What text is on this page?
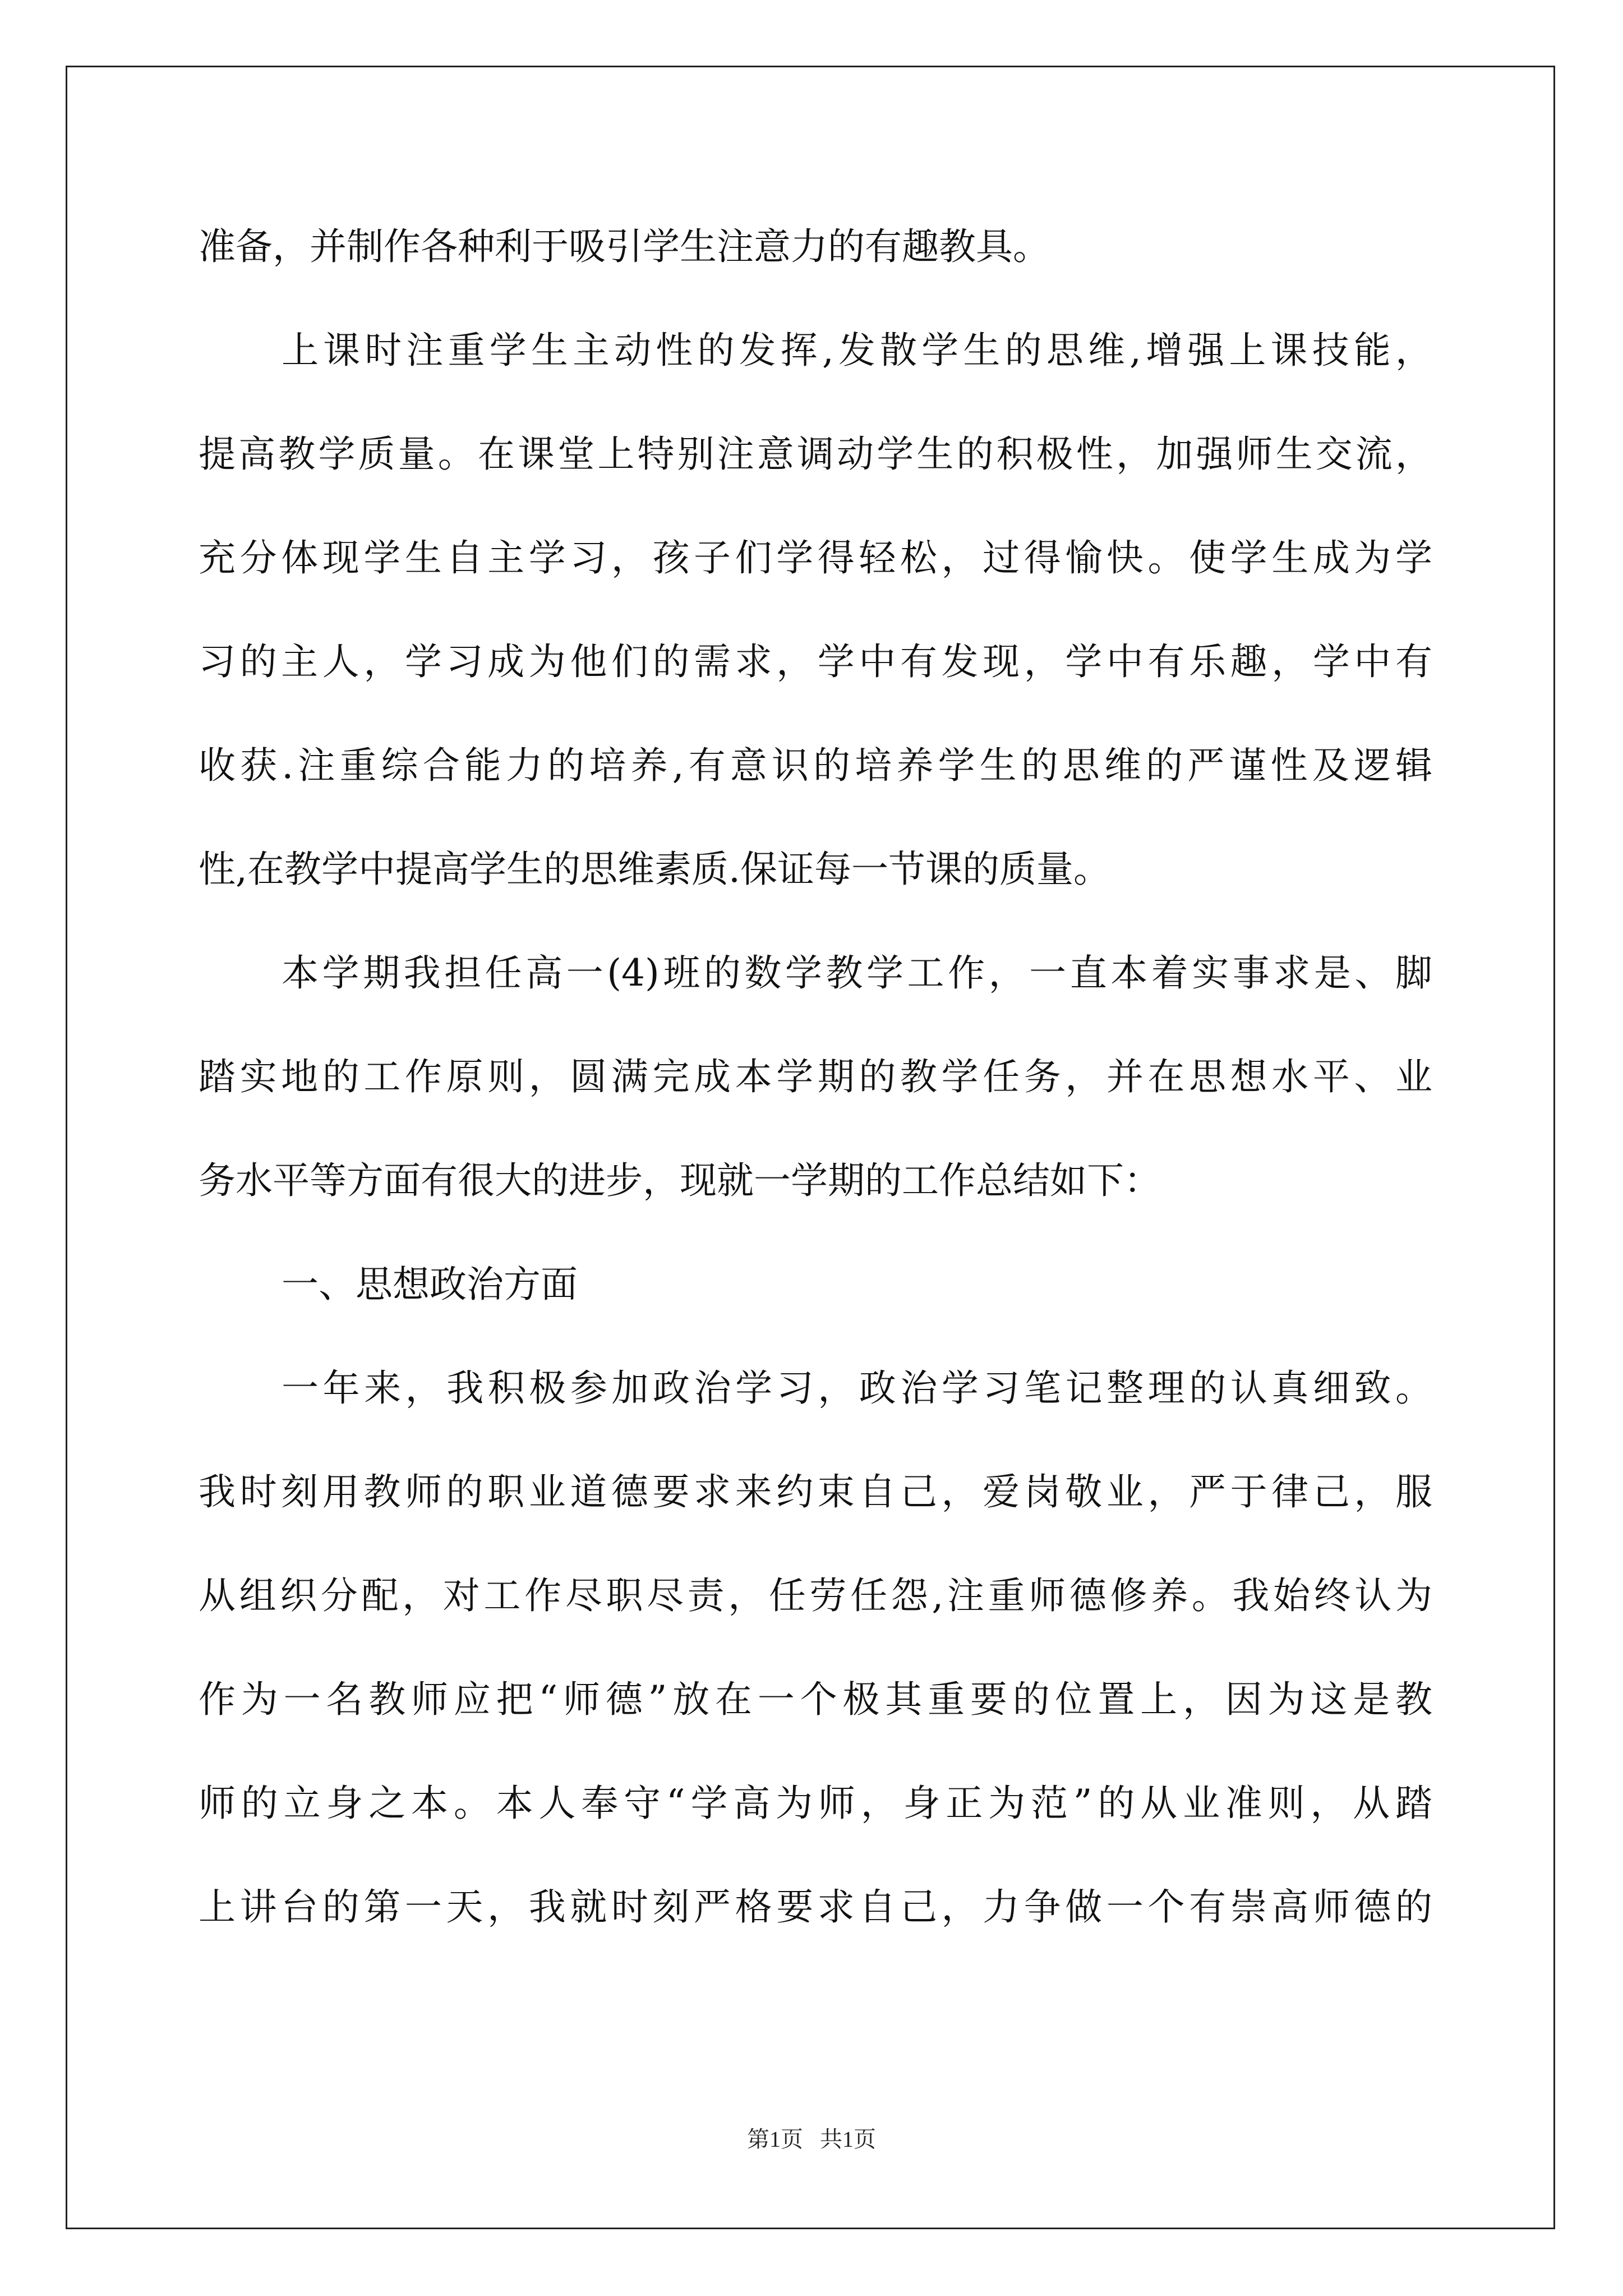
准备，并制作各种利于吸引学生注意力的有趣教具。
上课时注重学生主动性的发挥,发散学生的思维,增强上课技能，
提高教学质量。在课堂上特别注意调动学生的积极性，加强师生交流，
充分体现学生自主学习，孩子们学得轻松，过得愉快。使学生成为学
习的主人，学习成为他们的需求，学中有发现，学中有乐趣，学中有
收获.注重综合能力的培养,有意识的培养学生的思维的严谨性及逻辑
性,在教学中提高学生的思维素质.保证每一节课的质量。
本学期我担任高一(4)班的数学教学工作，一直本着实事求是、脚
踏实地的工作原则，圆满完成本学期的教学任务，并在思想水平、业
务水平等方面有很大的进步，现就一学期的工作总结如下：
一、思想政治方面
一年来，我积极参加政治学习，政治学习笔记整理的认真细致。
我时刻用教师的职业道德要求来约束自己，爱岗敬业，严于律己，服
从组织分配，对工作尽职尽责，任劳任怨,注重师德修养。我始终认为
作为一名教师应把“师德”放在一个极其重要的位置上，因为这是教
师的立身之本。本人奉守“学高为师，身正为范”的从业准则，从踏
上讲台的第一天，我就时刻严格要求自己，力争做一个有崇高师德的
第1页   共1页
